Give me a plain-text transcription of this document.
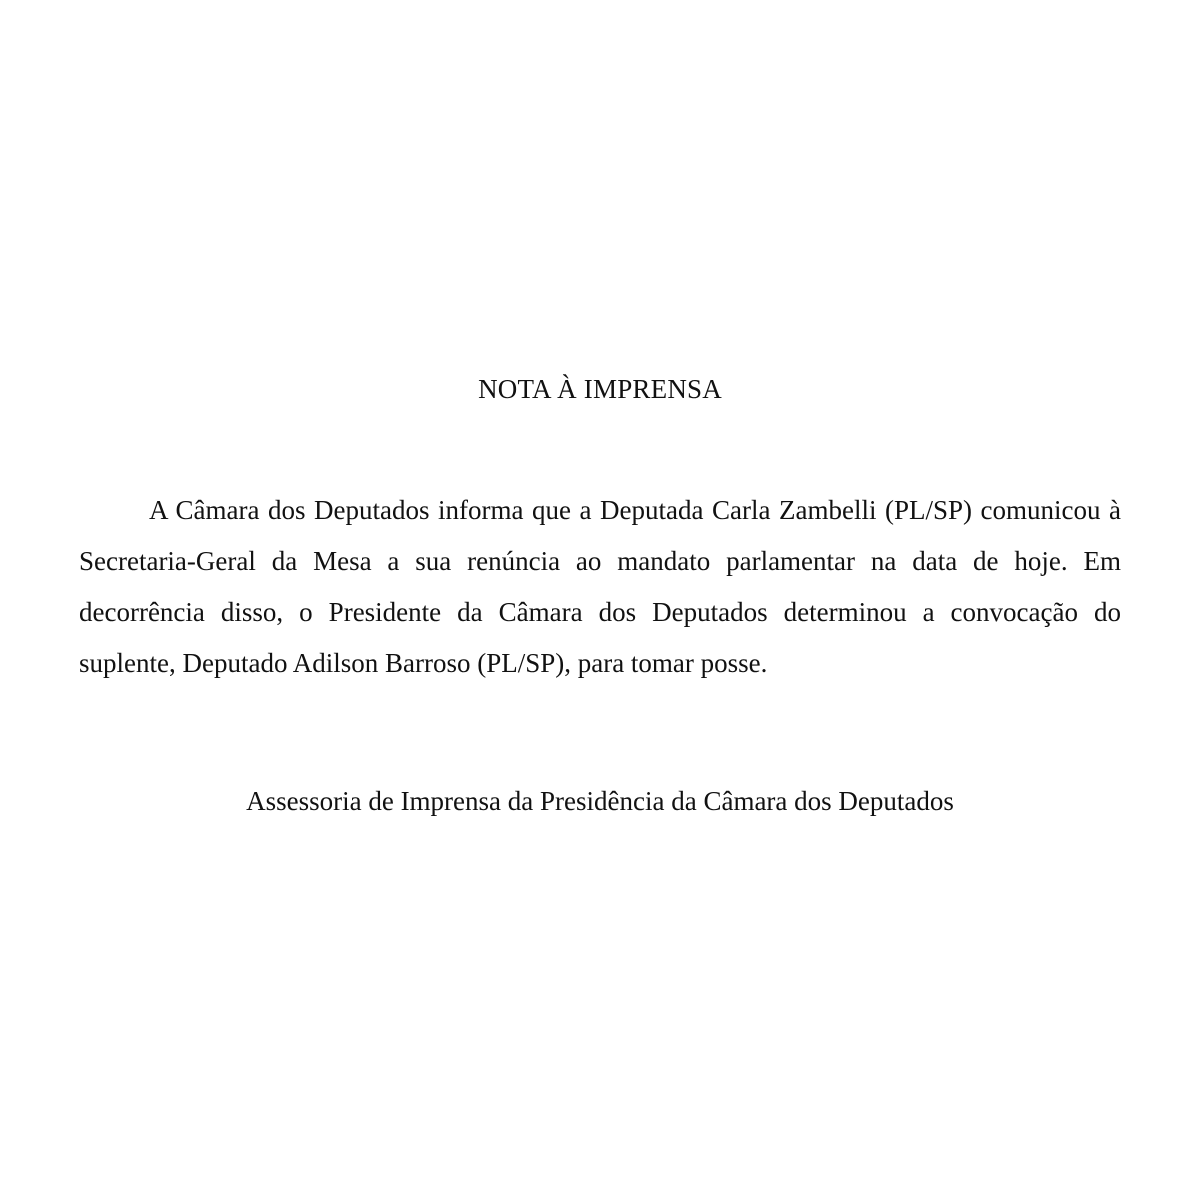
NOTA À IMPRENSA

A Câmara dos Deputados informa que a Deputada Carla Zambelli (PL/SP) comunicou à Secretaria-Geral da Mesa a sua renúncia ao mandato parlamentar na data de hoje. Em decorrência disso, o Presidente da Câmara dos Deputados determinou a convocação do suplente, Deputado Adilson Barroso (PL/SP), para tomar posse.

Assessoria de Imprensa da Presidência da Câmara dos Deputados
